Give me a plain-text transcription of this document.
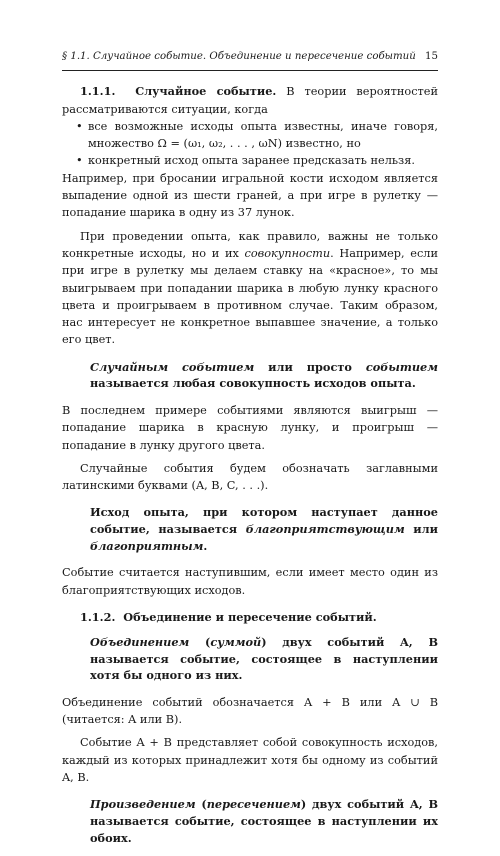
§ 1.1. Случайное событие. Объединение и пересечение событий 15

1.1.1. Случайное событие. В теории вероятностей рассматриваются ситуации, когда

• все возможные исходы опыта известны, иначе говоря, множество Ω = (ω₁, ω₂, . . . , ωN) известно, но
• конкретный исход опыта заранее предсказать нельзя.

Например, при бросании игральной кости исходом является выпадение одной из шести граней, а при игре в рулетку — попадание шарика в одну из 37 лунок.

При проведении опыта, как правило, важны не только конкретные исходы, но и их совокупности. Например, если при игре в рулетку мы делаем ставку на «красное», то мы выигрываем при попадании шарика в любую лунку красного цвета и проигрываем в противном случае. Таким образом, нас интересует не конкретное выпавшее значение, а только его цвет.

Случайным событием или просто событием называется любая совокупность исходов опыта.

В последнем примере событиями являются выигрыш — попадание шарика в красную лунку, и проигрыш — попадание в лунку другого цвета.

Случайные события будем обозначать заглавными латинскими буквами (A, B, C, . . .).

Исход опыта, при котором наступает данное событие, называется благоприятствующим или благоприятным.

Событие считается наступившим, если имеет место один из благоприятствующих исходов.

1.1.2. Объединение и пересечение событий.

Объединением (суммой) двух событий A, B называется событие, состоящее в наступлении хотя бы одного из них.

Объединение событий обозначается A + B или A ∪ B (читается: A или B).

Событие A + B представляет собой совокупность исходов, каждый из которых принадлежит хотя бы одному из событий A, B.

Произведением (пересечением) двух событий A, B называется событие, состоящее в наступлении их обоих.
